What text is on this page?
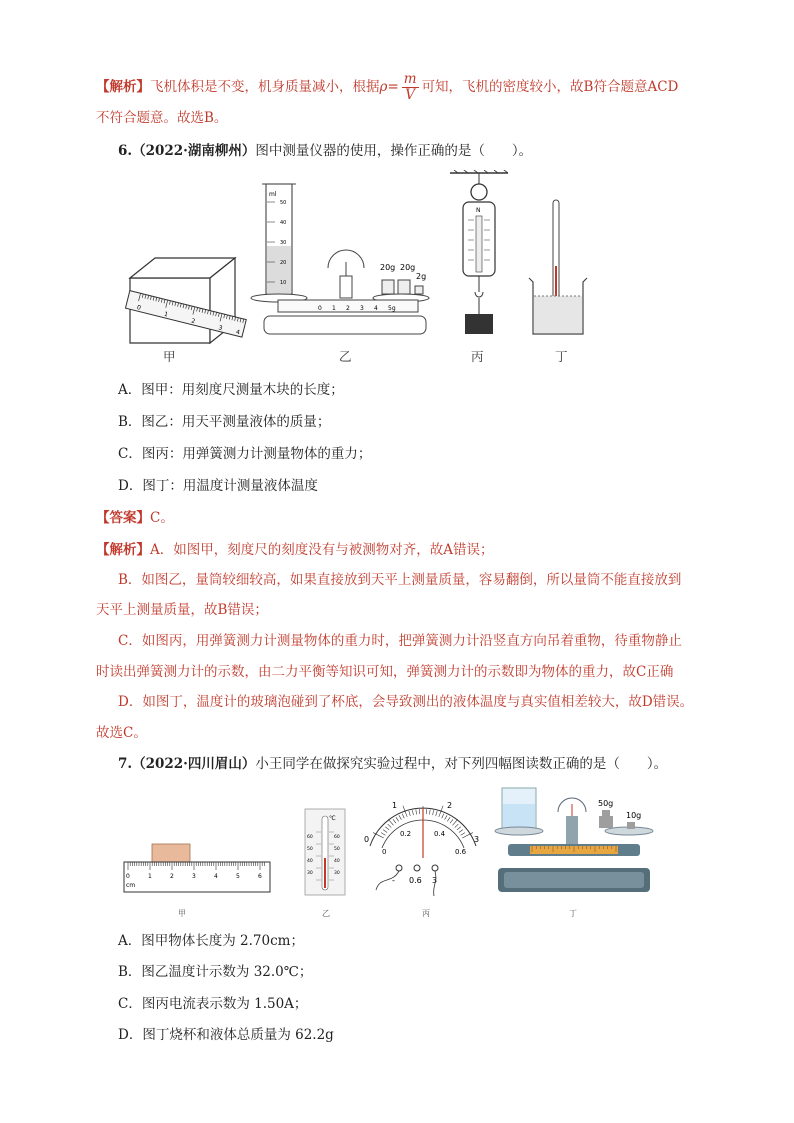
【解析】飞机体积是不变，机身质量减小，根据$\rho= \frac{m}{V}$ 可知，飞机的密度较小，故B符合题意ACD
不符合题意。故选B。
6.（2022·湖南柳州）图中测量仪器的使用，操作正确的是（　　）。
0
1
2
3
4
甲
ml
50
40
30
20
10
20g 20g
2g
0 1 2 3 4 5g
乙
N
丙	丁
A．图甲：用刻度尺测量木块的长度；
B．图乙：用天平测量液体的质量；
C．图丙：用弹簧测力计测量物体的重力；
D．图丁：用温度计测量液体温度
【答案】C。
【解析】A．如图甲，刻度尺的刻度没有与被测物对齐，故A错误；
B．如图乙，量筒较细较高，如果直接放到天平上测量质量，容易翻倒，所以量筒不能直接放到
天平上测量质量，故B错误；
C．如图丙，用弹簧测力计测量物体的重力时，把弹簧测力计沿竖直方向吊着重物，待重物静止
时读出弹簧测力计的示数，由二力平衡等知识可知，弹簧测力计的示数即为物体的重力，故C正确
D．如图丁，温度计的玻璃泡碰到了杯底，会导致测出的液体温度与真实值相差较大，故D错误。
故选C。
7.（2022·四川眉山）小王同学在做探究实验过程中，对下列四幅图读数正确的是（　　）。
0	1	2	3	4	5	6
cm
甲
℃
60
50
40
30
60
50
40
30
乙
0
1	2
3
0
0.2	0.4
0.6
- 0.6 3
丙
50g
10g
丁
A．图甲物体长度为 2.70cm；
B．图乙温度计示数为 32.0℃；
C．图丙电流表示数为 1.50A；
D．图丁烧杯和液体总质量为 62.2g
